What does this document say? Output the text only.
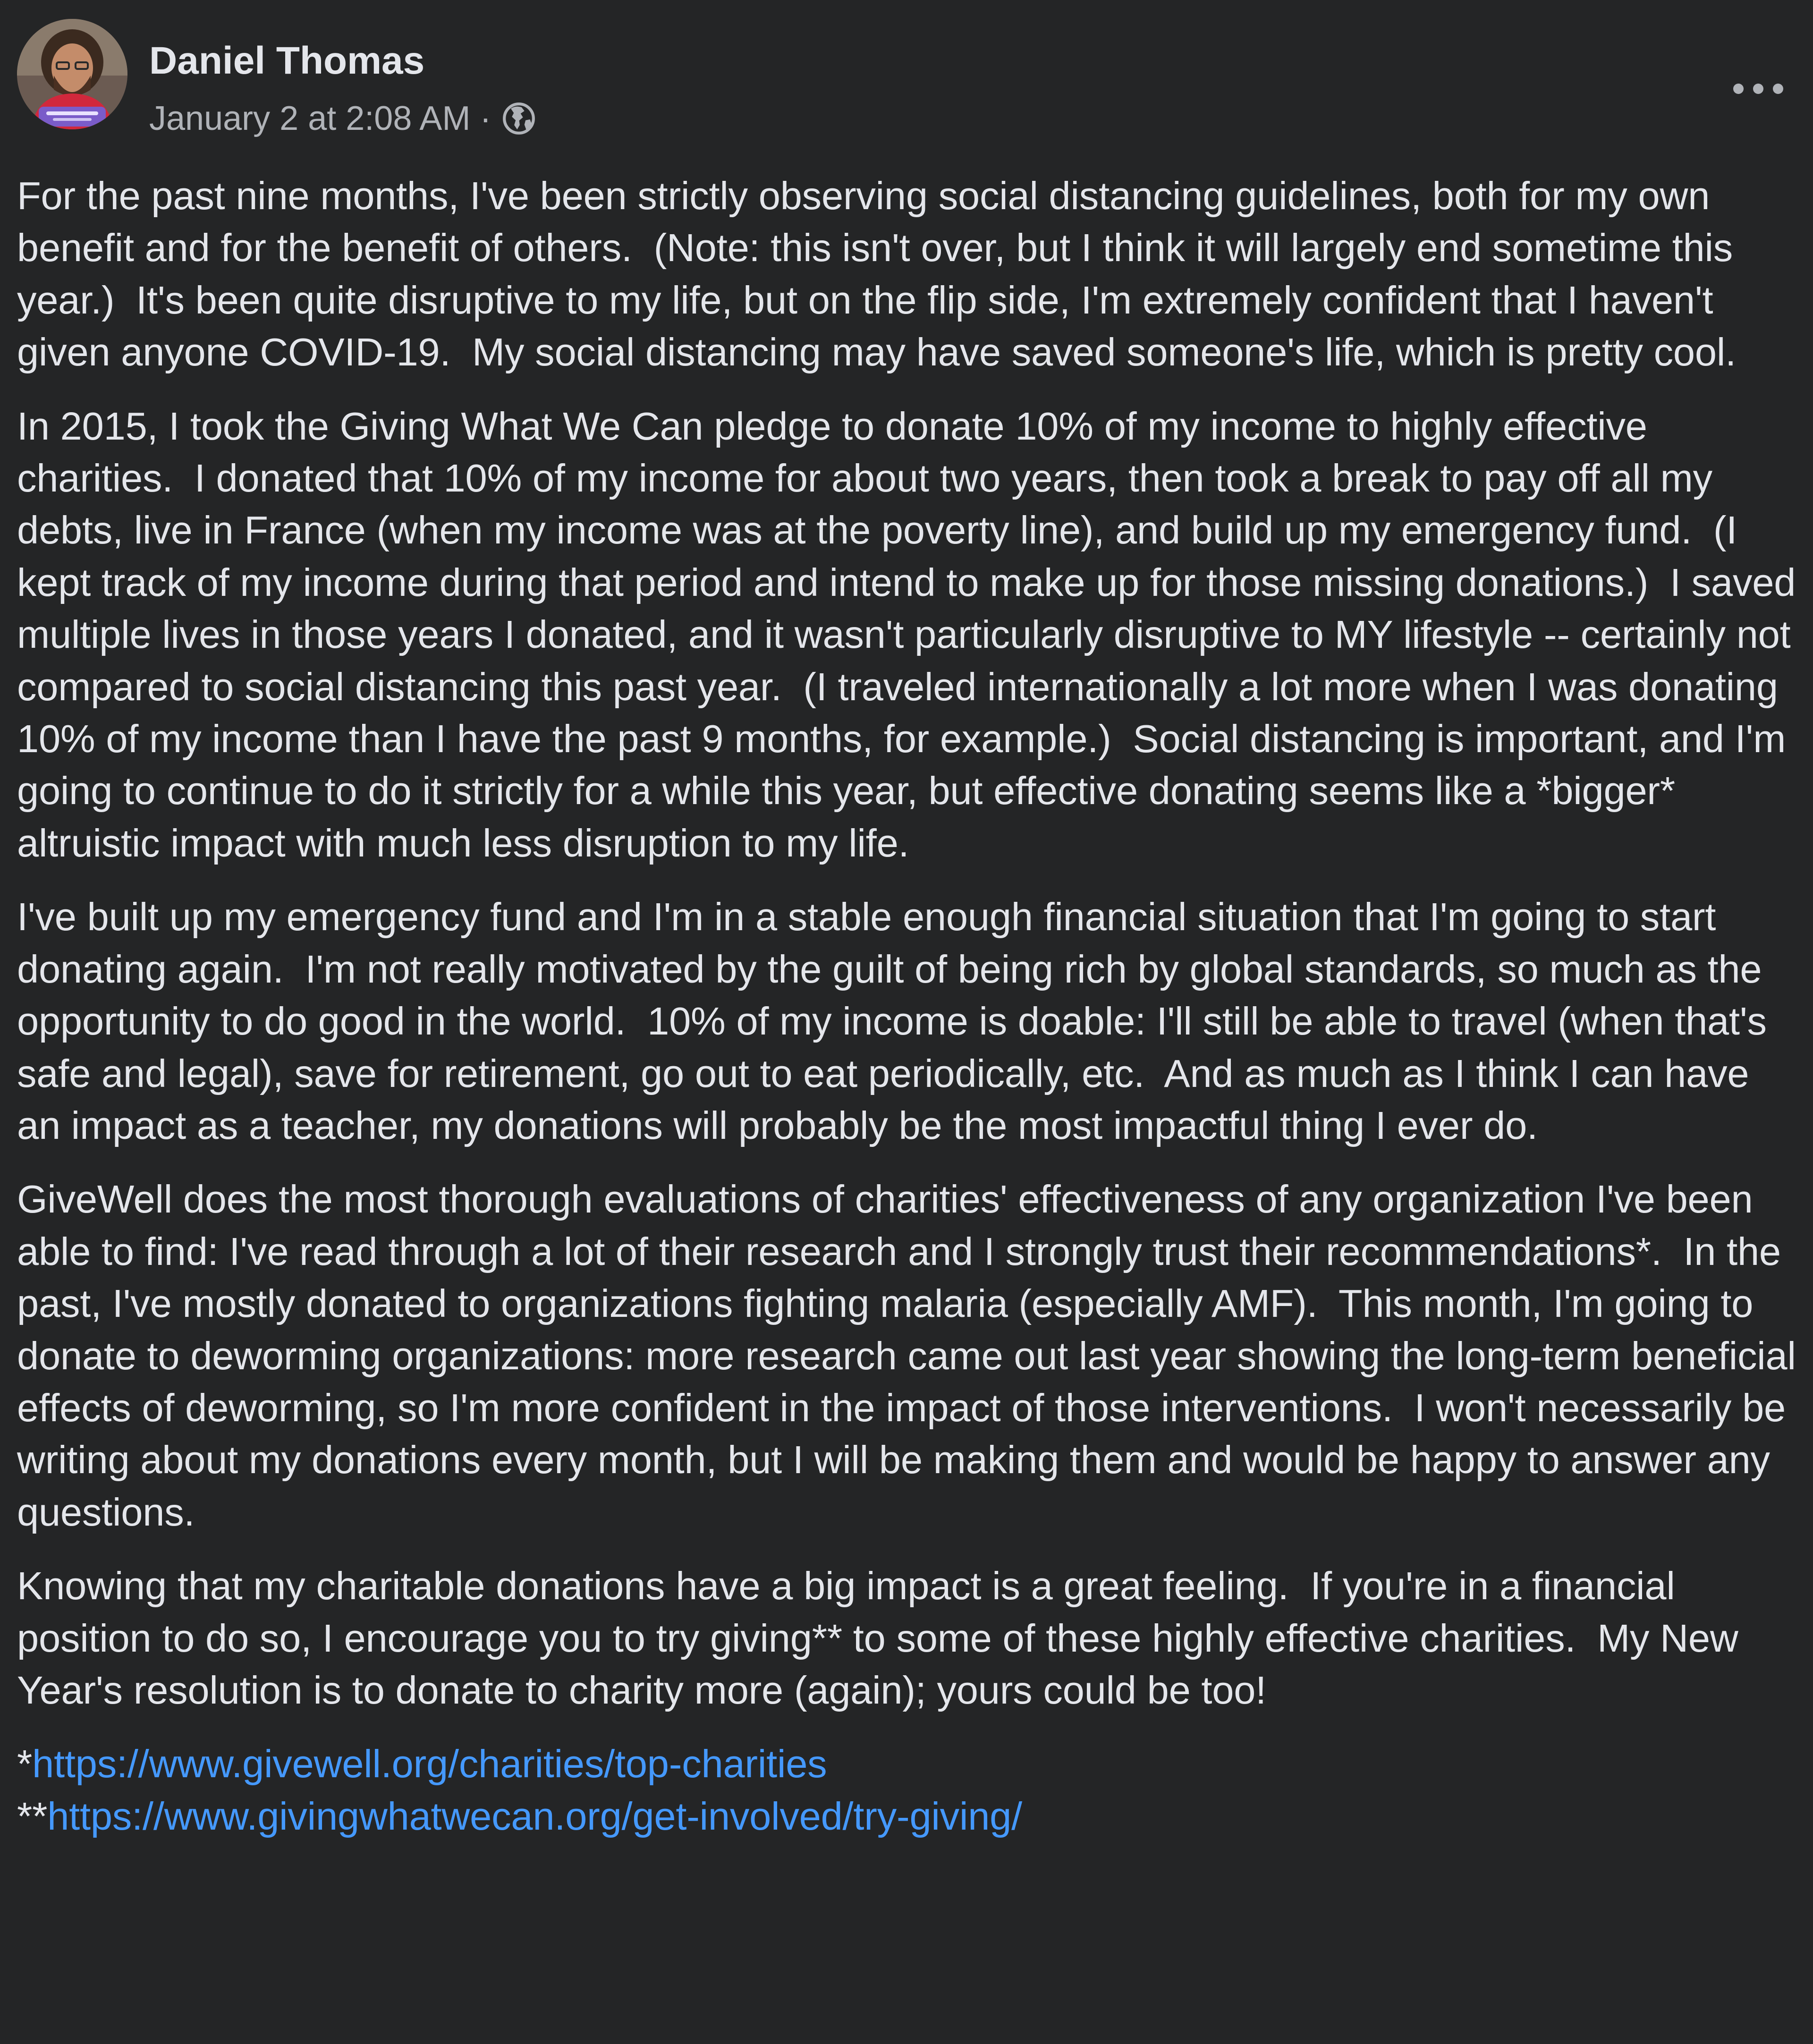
Daniel Thomas
January 2 at 2:08 AM ·

For the past nine months, I've been strictly observing social distancing guidelines, both for my own benefit and for the benefit of others.  (Note: this isn't over, but I think it will largely end sometime this year.)  It's been quite disruptive to my life, but on the flip side, I'm extremely confident that I haven't given anyone COVID-19.  My social distancing may have saved someone's life, which is pretty cool.

In 2015, I took the Giving What We Can pledge to donate 10% of my income to highly effective charities.  I donated that 10% of my income for about two years, then took a break to pay off all my debts, live in France (when my income was at the poverty line), and build up my emergency fund.  (I kept track of my income during that period and intend to make up for those missing donations.)  I saved multiple lives in those years I donated, and it wasn't particularly disruptive to MY lifestyle -- certainly not compared to social distancing this past year.  (I traveled internationally a lot more when I was donating 10% of my income than I have the past 9 months, for example.)  Social distancing is important, and I'm going to continue to do it strictly for a while this year, but effective donating seems like a *bigger* altruistic impact with much less disruption to my life.

I've built up my emergency fund and I'm in a stable enough financial situation that I'm going to start donating again.  I'm not really motivated by the guilt of being rich by global standards, so much as the opportunity to do good in the world.  10% of my income is doable: I'll still be able to travel (when that's safe and legal), save for retirement, go out to eat periodically, etc.  And as much as I think I can have an impact as a teacher, my donations will probably be the most impactful thing I ever do.

GiveWell does the most thorough evaluations of charities' effectiveness of any organization I've been able to find: I've read through a lot of their research and I strongly trust their recommendations*.  In the past, I've mostly donated to organizations fighting malaria (especially AMF).  This month, I'm going to donate to deworming organizations: more research came out last year showing the long-term beneficial effects of deworming, so I'm more confident in the impact of those interventions.  I won't necessarily be writing about my donations every month, but I will be making them and would be happy to answer any questions.

Knowing that my charitable donations have a big impact is a great feeling.  If you're in a financial position to do so, I encourage you to try giving** to some of these highly effective charities.  My New Year's resolution is to donate to charity more (again); yours could be too!

*https://www.givewell.org/charities/top-charities
**https://www.givingwhatwecan.org/get-involved/try-giving/
